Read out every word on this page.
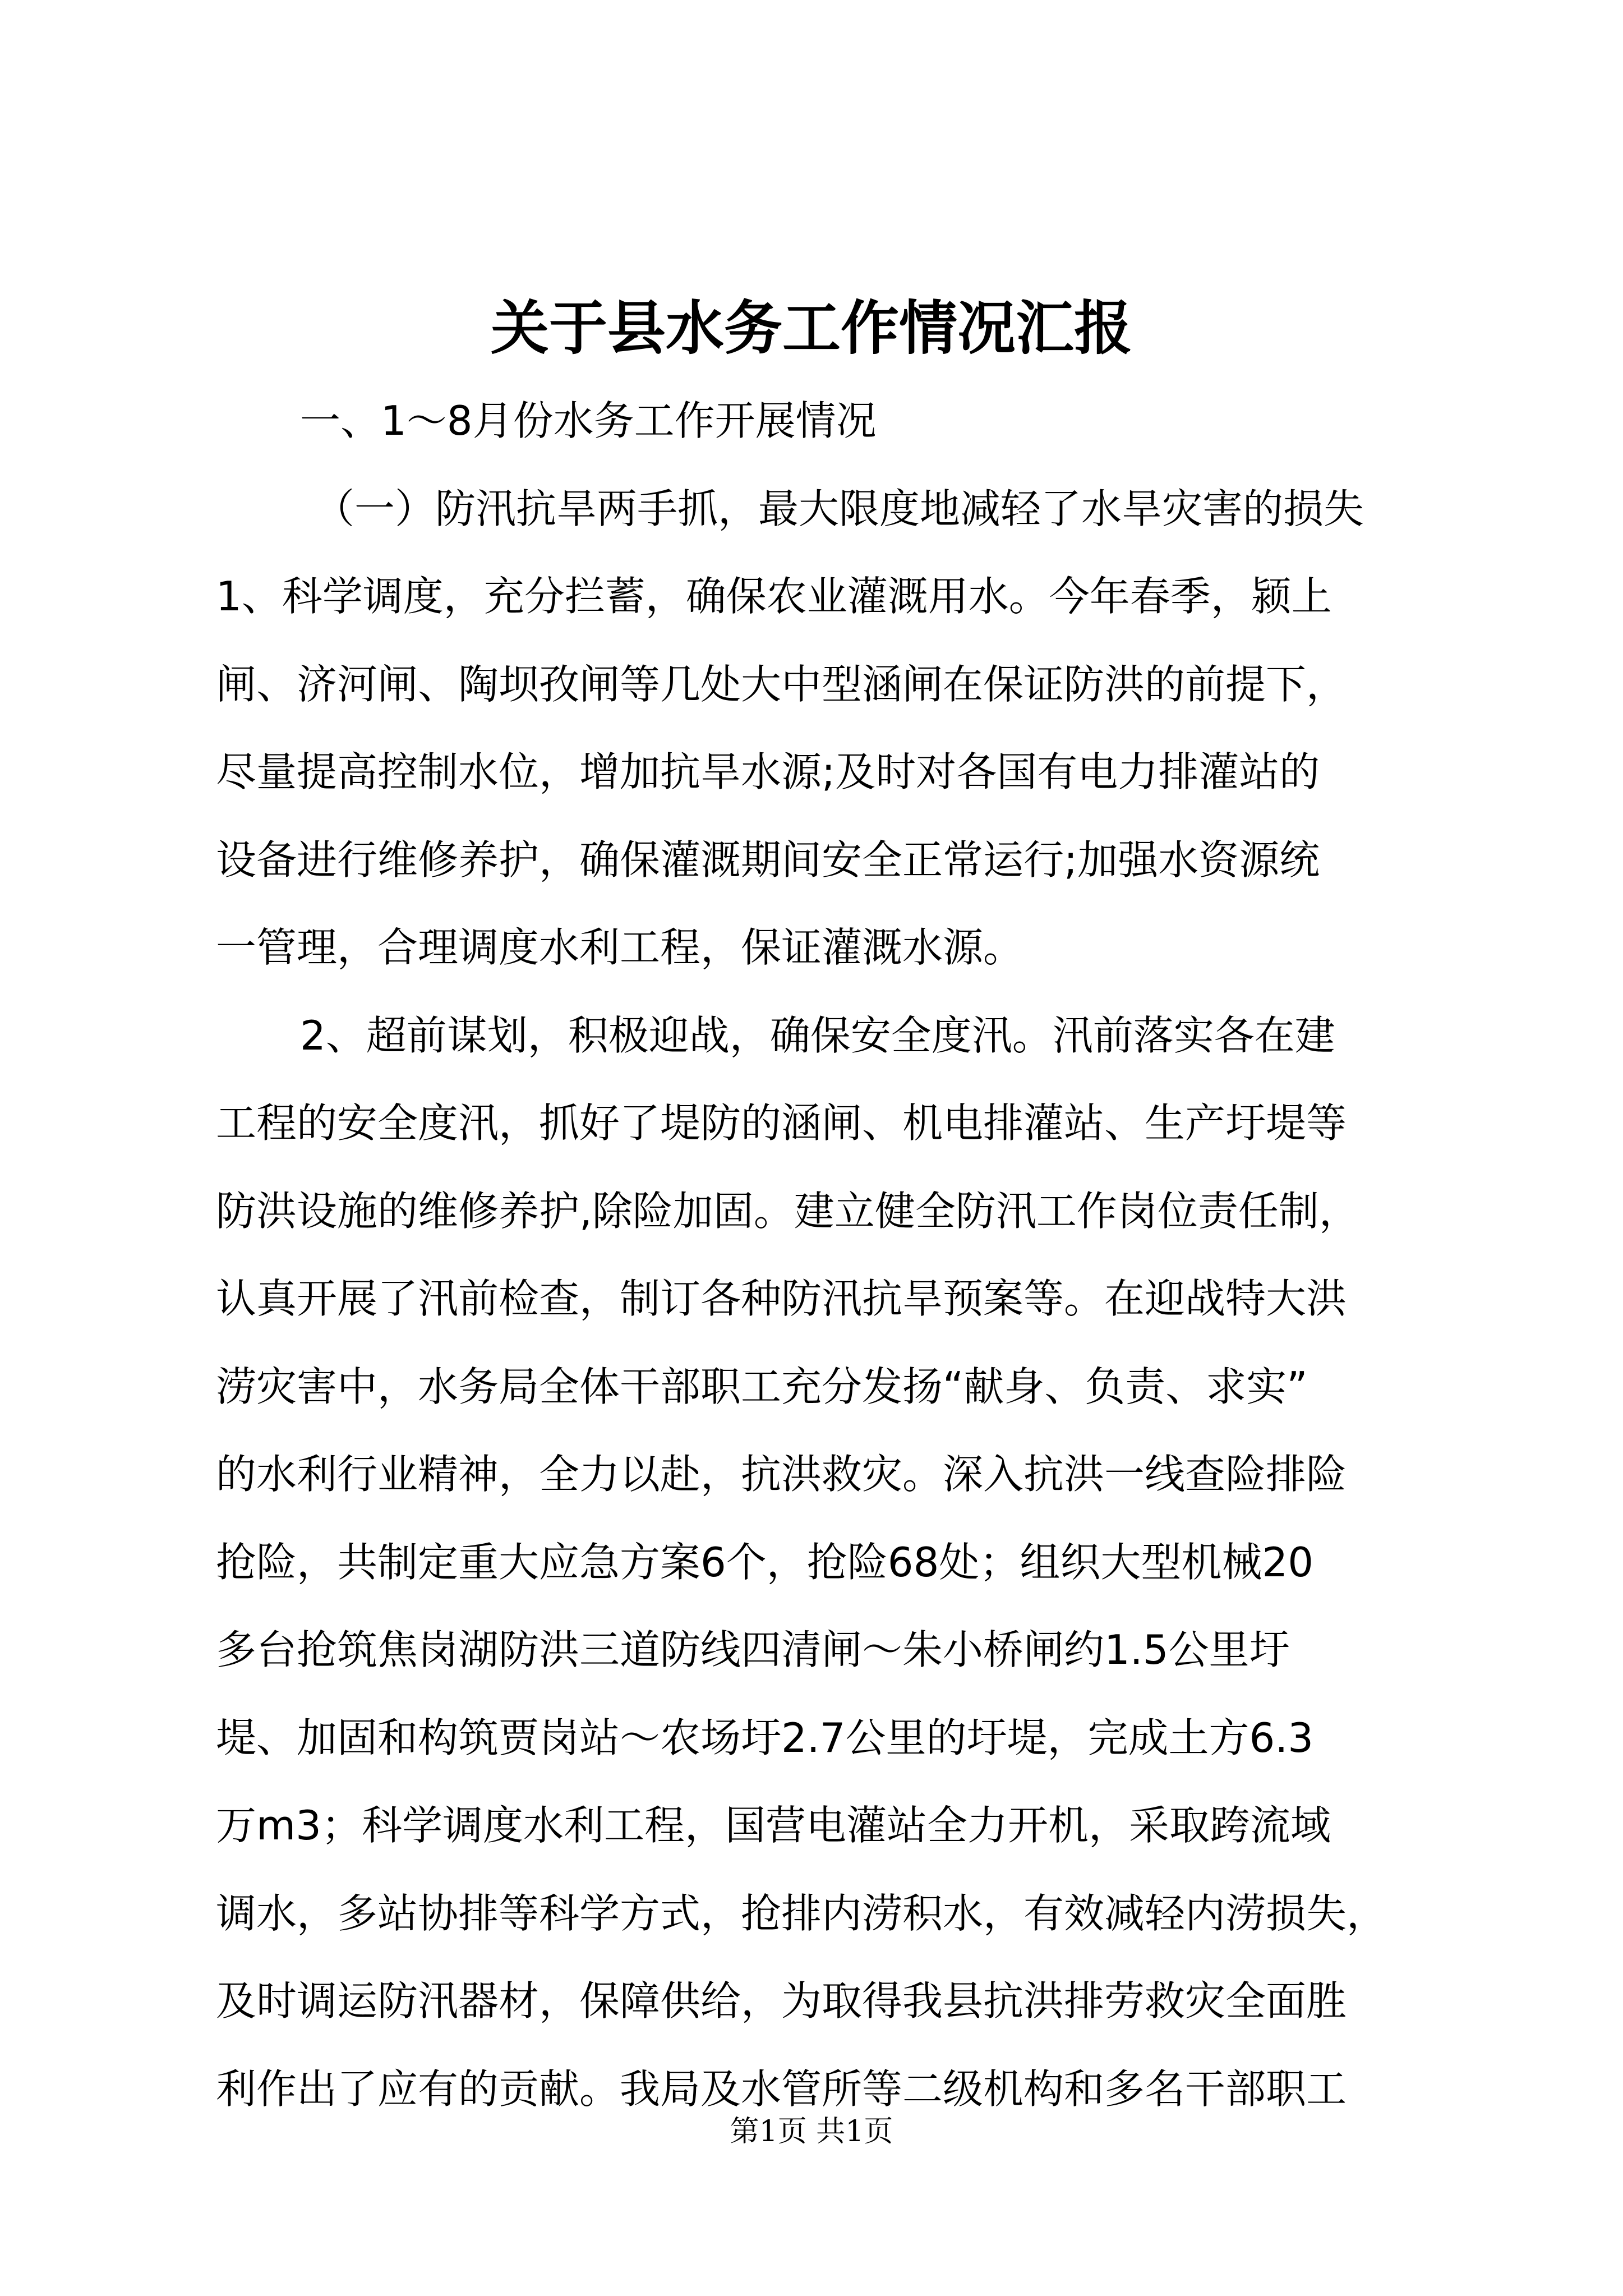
关于县水务工作情况汇报
一、1～8月份水务工作开展情况
（一）防汛抗旱两手抓，最大限度地减轻了水旱灾害的损失
1、科学调度，充分拦蓄，确保农业灌溉用水。今年春季，颍上
闸、济河闸、陶坝孜闸等几处大中型涵闸在保证防洪的前提下，
尽量提高控制水位，增加抗旱水源;及时对各国有电力排灌站的
设备进行维修养护，确保灌溉期间安全正常运行;加强水资源统
一管理，合理调度水利工程，保证灌溉水源。
2、超前谋划，积极迎战，确保安全度汛。汛前落实各在建
工程的安全度汛，抓好了堤防的涵闸、机电排灌站、生产圩堤等
防洪设施的维修养护,除险加固。建立健全防汛工作岗位责任制，
认真开展了汛前检查，制订各种防汛抗旱预案等。在迎战特大洪
涝灾害中，水务局全体干部职工充分发扬“献身、负责、求实”
的水利行业精神，全力以赴，抗洪救灾。深入抗洪一线查险排险
抢险，共制定重大应急方案6个，抢险68处；组织大型机械20
多台抢筑焦岗湖防洪三道防线四清闸～朱小桥闸约1.5公里圩
堤、加固和构筑贾岗站～农场圩2.7公里的圩堤，完成土方6.3
万m3；科学调度水利工程，国营电灌站全力开机，采取跨流域
调水，多站协排等科学方式，抢排内涝积水，有效减轻内涝损失，
及时调运防汛器材，保障供给，为取得我县抗洪排劳救灾全面胜
利作出了应有的贡献。我局及水管所等二级机构和多名干部职工
第1页 共1页
